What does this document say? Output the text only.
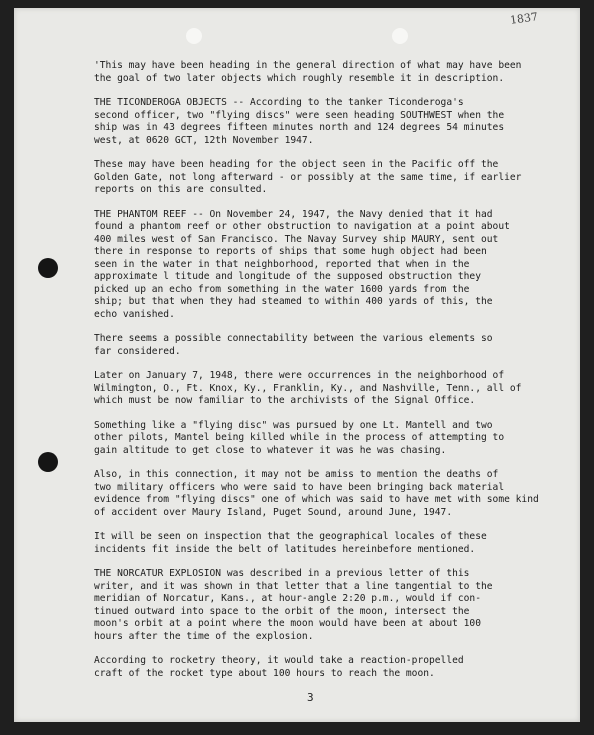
1837

'This may have been heading in the general direction of what may have been
the goal of two later objects which roughly resemble it in description.

THE TICONDEROGA OBJECTS -- According to the tanker Ticonderoga's
second officer, two "flying discs" were seen heading SOUTHWEST when the
ship was in 43 degrees fifteen minutes north and 124 degrees 54 minutes
west, at 0620 GCT, 12th November 1947.

These may have been heading for the object seen in the Pacific off the
Golden Gate, not long afterward - or possibly at the same time, if earlier
reports on this are consulted.

THE PHANTOM REEF -- On November 24, 1947, the Navy denied that it had
found a phantom reef or other obstruction to navigation at a point about
400 miles west of San Francisco. The Navay Survey ship MAURY, sent out
there in response to reports of ships that some hugh object had been
seen in the water in that neighborhood, reported that when in the
approximate l titude and longitude of the supposed obstruction they
picked up an echo from something in the water 1600 yards from the
ship; but that when they had steamed to within 400 yards of this, the
echo vanished.

There seems a possible connectability between the various elements so
far considered.

Later on January 7, 1948, there were occurrences in the neighborhood of
Wilmington, O., Ft. Knox, Ky., Franklin, Ky., and Nashville, Tenn., all of
which must be now familiar to the archivists of the Signal Office.

Something like a "flying disc" was pursued by one Lt. Mantell and two
other pilots, Mantel being killed while in the process of attempting to
gain altitude to get close to whatever it was he was chasing.

Also, in this connection, it may not be amiss to mention the deaths of
two military officers who were said to have been bringing back material
evidence from "flying discs" one of which was said to have met with some kind
of accident over Maury Island, Puget Sound, around June, 1947.

It will be seen on inspection that the geographical locales of these
incidents fit inside the belt of latitudes hereinbefore mentioned.

THE NORCATUR EXPLOSION was described in a previous letter of this
writer, and it was shown in that letter that a line tangential to the
meridian of Norcatur, Kans., at hour-angle 2:20 p.m., would if con-
tinued outward into space to the orbit of the moon, intersect the
moon's orbit at a point where the moon would have been at about 100
hours after the time of the explosion.

According to rocketry theory, it would take a reaction-propelled
craft of the rocket type about 100 hours to reach the moon.

3
